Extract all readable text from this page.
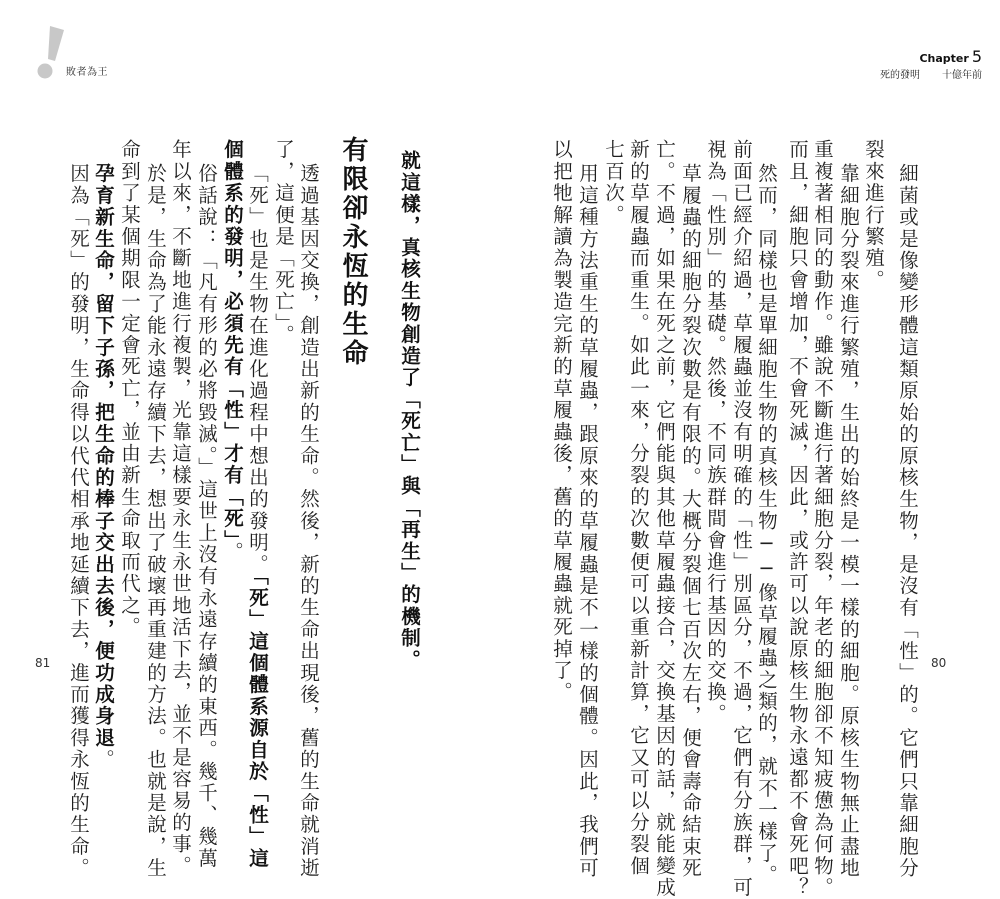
敗者為王
就這樣，真核生物創造了「死亡」與「再生」的機制。
有限卻永恆的生命
透過基因交換，創造出新的生命。然後，新的生命出現後，舊的生命就消逝
了，這便是「死亡」。
「死」也是生物在進化過程中想出的發明。「死」這個體系源自於「性」這
個體系的發明，必須先有「性」才有「死」。
俗話說：「凡有形的必將毀滅。」這世上沒有永遠存續的東西。幾千、幾萬
年以來，不斷地進行複製，光靠這樣要永生永世地活下去，並不是容易的事。
於是，生命為了能永遠存續下去，想出了破壞再重建的方法。也就是說，生
命到了某個期限一定會死亡，並由新生命取而代之。
孕育新生命，留下子孫，把生命的棒子交出去後，便功成身退。
因為「死」的發明，生命得以代代相承地延續下去，進而獲得永恆的生命。
81
Chapter 5
死的發明 十億年前
細菌或是像變形體這類原始的原核生物，是沒有「性」的。它們只靠細胞分
裂來進行繁殖。
靠細胞分裂來進行繁殖，生出的始終是一模一樣的細胞。原核生物無止盡地
重複著相同的動作。雖說不斷進行著細胞分裂，年老的細胞卻不知疲憊為何物。
而且，細胞只會增加，不會死滅，因此，或許可以說原核生物永遠都不會死吧？
然而，同樣也是單細胞生物的真核生物──像草履蟲之類的，就不一樣了。
前面已經介紹過，草履蟲並沒有明確的「性」別區分，不過，它們有分族群，可
視為「性別」的基礎。然後，不同族群間會進行基因的交換。
草履蟲的細胞分裂次數是有限的。大概分裂個七百次左右，便會壽命結束死
亡。不過，如果在死之前，它們能與其他草履蟲接合，交換基因的話，就能變成
新的草履蟲而重生。如此一來，分裂的次數便可以重新計算，它又可以分裂個
七百次。
用這種方法重生的草履蟲，跟原來的草履蟲是不一樣的個體。因此，我們可
以把牠解讀為製造完新的草履蟲後，舊的草履蟲就死掉了。	80
